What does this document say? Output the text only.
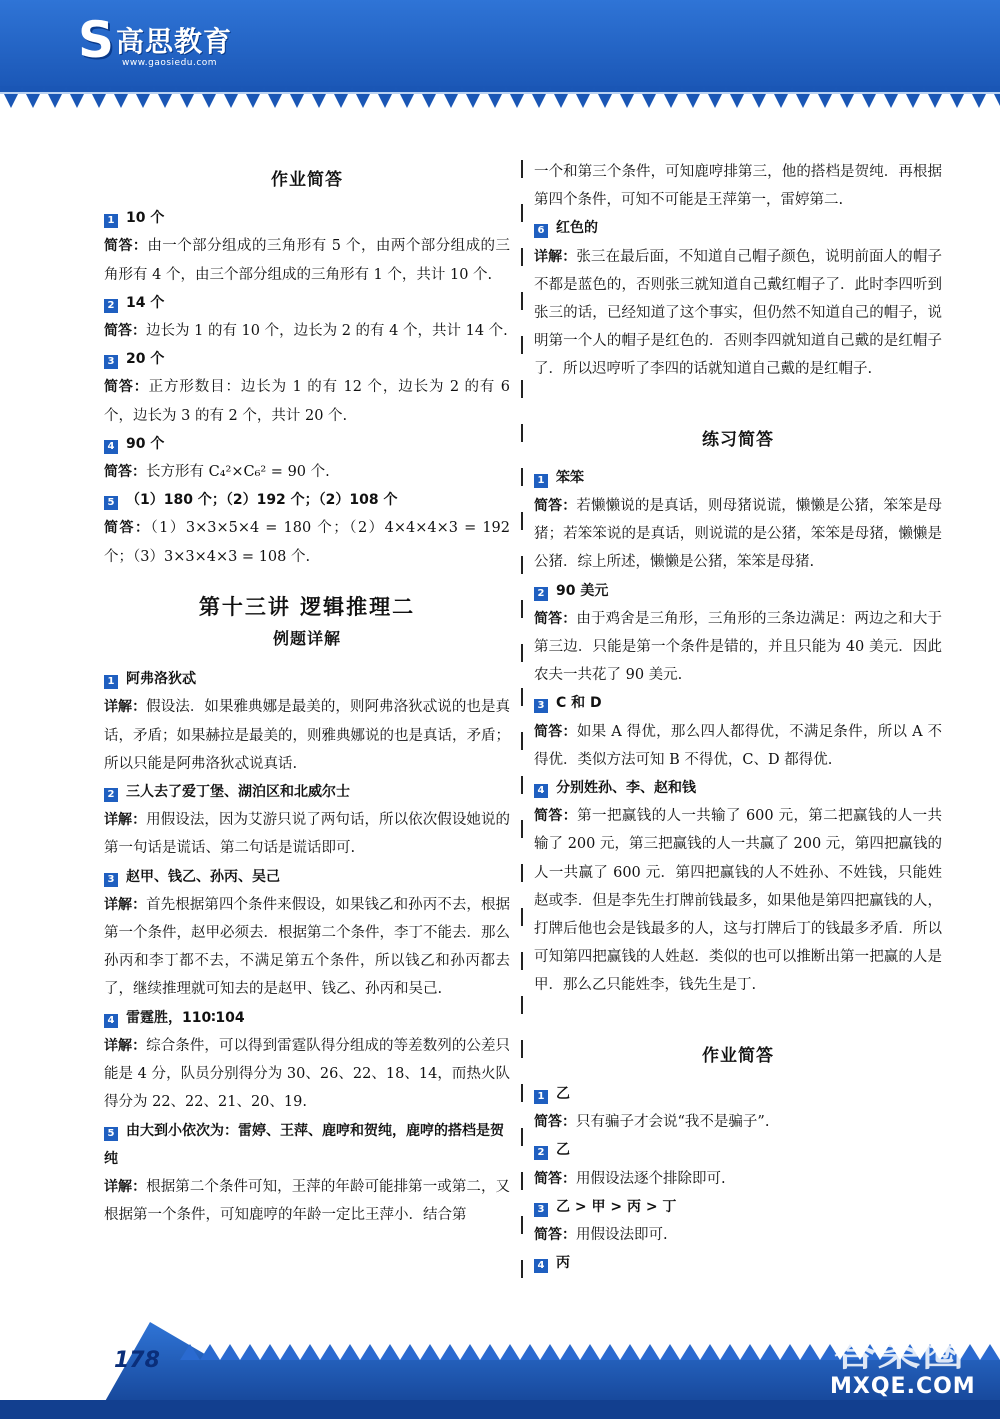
S 高思教育
www.gaosiedu.com
作业简答
1 10 个
简答：由一个部分组成的三角形有 5 个，由两个部分组成的三角形有 4 个，由三个部分组成的三角形有 1 个，共计 10 个.
2 14 个
简答：边长为 1 的有 10 个，边长为 2 的有 4 个，共计 14 个.
3 20 个
简答：正方形数目：边长为 1 的有 12 个，边长为 2 的有 6 个，边长为 3 的有 2 个，共计 20 个.
4 90 个
简答：长方形有 C₄²×C₆² = 90 个.
5 （1）180 个；（2）192 个；（2）108 个
简答：（1）3×3×5×4 = 180 个；（2）4×4×4×3 = 192 个；（3）3×3×4×3 = 108 个.
第十三讲 逻辑推理二
例题详解
1 阿弗洛狄忒
详解：假设法．如果雅典娜是最美的，则阿弗洛狄忒说的也是真话，矛盾；如果赫拉是最美的，则雅典娜说的也是真话，矛盾；所以只能是阿弗洛狄忒说真话.
2 三人去了爱丁堡、湖泊区和北威尔士
详解：用假设法，因为艾游只说了两句话，所以依次假设她说的第一句话是谎话、第二句话是谎话即可.
3 赵甲、钱乙、孙丙、吴己
详解：首先根据第四个条件来假设，如果钱乙和孙丙不去，根据第一个条件，赵甲必须去．根据第二个条件，李丁不能去．那么孙丙和李丁都不去，不满足第五个条件，所以钱乙和孙丙都去了，继续推理就可知去的是赵甲、钱乙、孙丙和吴己.
4 雷霆胜，110∶104
详解：综合条件，可以得到雷霆队得分组成的等差数列的公差只能是 4 分，队员分别得分为 30、26、22、18、14，而热火队得分为 22、22、21、20、19.
5 由大到小依次为：雷婷、王萍、鹿哼和贺纯，鹿哼的搭档是贺纯
详解：根据第二个条件可知，王萍的年龄可能排第一或第二，又根据第一个条件，可知鹿哼的年龄一定比王萍小．结合第
一个和第三个条件，可知鹿哼排第三，他的搭档是贺纯．再根据第四个条件，可知不可能是王萍第一，雷婷第二.
6 红色的
详解：张三在最后面，不知道自己帽子颜色，说明前面人的帽子不都是蓝色的，否则张三就知道自己戴红帽子了．此时李四听到张三的话，已经知道了这个事实，但仍然不知道自己的帽子，说明第一个人的帽子是红色的．否则李四就知道自己戴的是红帽子了．所以迟哼听了李四的话就知道自己戴的是红帽子.
练习简答
1 笨笨
简答：若懒懒说的是真话，则母猪说谎，懒懒是公猪，笨笨是母猪；若笨笨说的是真话，则说谎的是公猪，笨笨是母猪，懒懒是公猪．综上所述，懒懒是公猪，笨笨是母猪.
2 90 美元
简答：由于鸡舍是三角形，三角形的三条边满足：两边之和大于第三边．只能是第一个条件是错的，并且只能为 40 美元．因此农夫一共花了 90 美元.
3 C 和 D
简答：如果 A 得优，那么四人都得优，不满足条件，所以 A 不得优．类似方法可知 B 不得优，C、D 都得优.
4 分别姓孙、李、赵和钱
简答：第一把赢钱的人一共输了 600 元，第二把赢钱的人一共输了 200 元，第三把赢钱的人一共赢了 200 元，第四把赢钱的人一共赢了 600 元．第四把赢钱的人不姓孙、不姓钱，只能姓赵或李．但是李先生打牌前钱最多，如果他是第四把赢钱的人，打牌后他也会是钱最多的人，这与打牌后丁的钱最多矛盾．所以可知第四把赢钱的人姓赵．类似的也可以推断出第一把赢的人是甲．那么乙只能姓李，钱先生是丁.
作业简答
1 乙
简答：只有骗子才会说“我不是骗子”.
2 乙
简答：用假设法逐个排除即可.
3 乙 > 甲 > 丙 > 丁
简答：用假设法即可.
4 丙
178	答案圈
MXQE.COM
